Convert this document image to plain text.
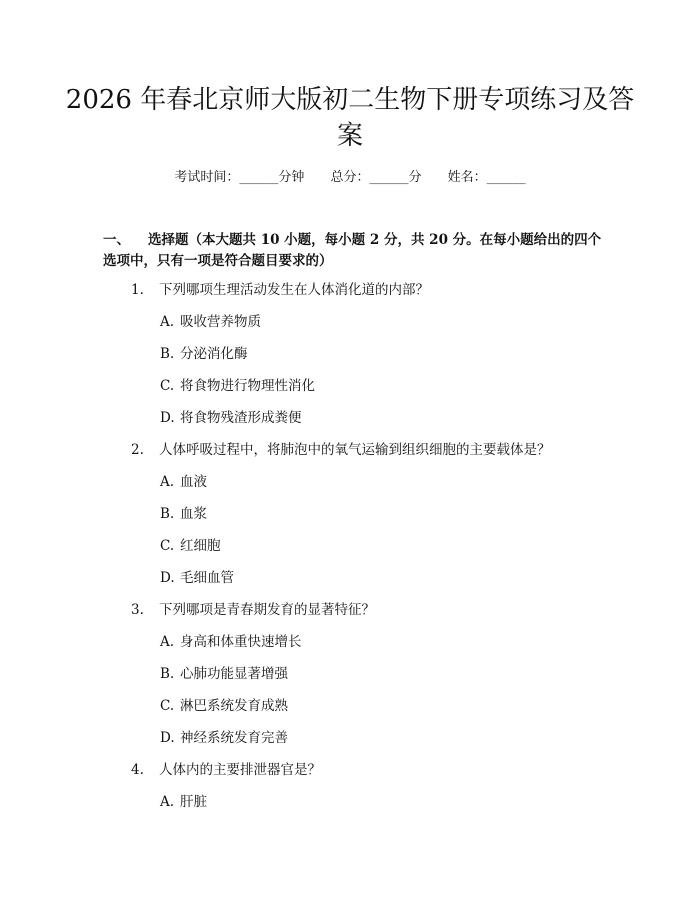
2026 年春北京师大版初二生物下册专项练习及答案
考试时间：______分钟 总分：______分 姓名：______
一、 选择题（本大题共 10 小题，每小题 2 分，共 20 分。在每小题给出的四个选项中，只有一项是符合题目要求的）
1. 下列哪项生理活动发生在人体消化道的内部？
A. 吸收营养物质
B. 分泌消化酶
C. 将食物进行物理性消化
D. 将食物残渣形成粪便
2. 人体呼吸过程中，将肺泡中的氧气运输到组织细胞的主要载体是？
A. 血液
B. 血浆
C. 红细胞
D. 毛细血管
3. 下列哪项是青春期发育的显著特征？
A. 身高和体重快速增长
B. 心肺功能显著增强
C. 淋巴系统发育成熟
D. 神经系统发育完善
4. 人体内的主要排泄器官是？
A. 肝脏
